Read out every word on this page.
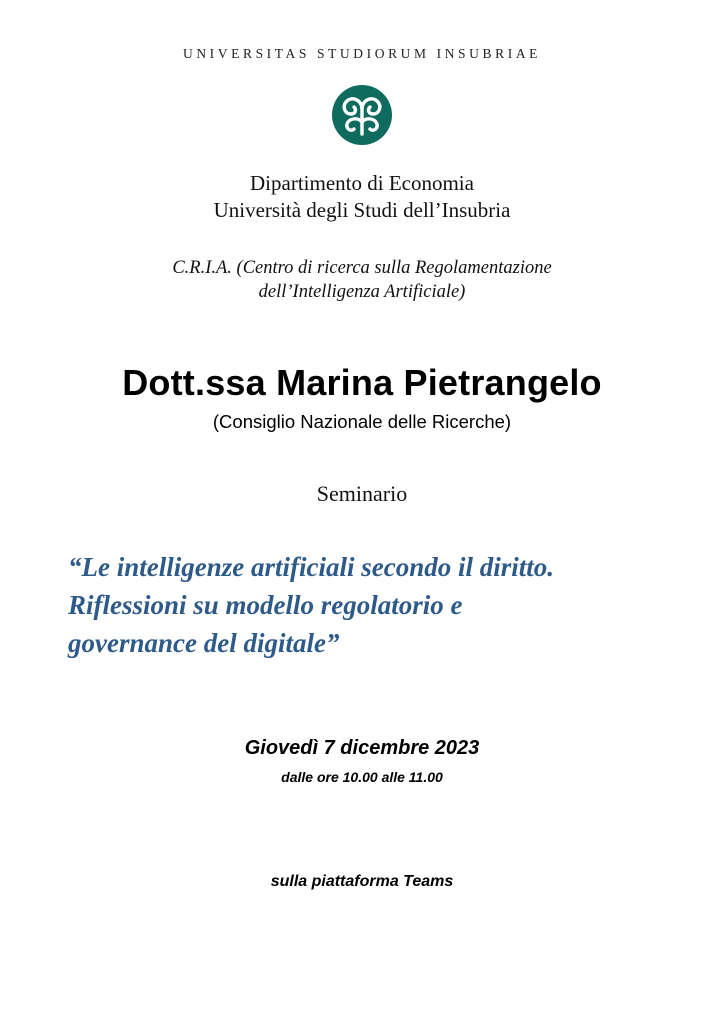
UNIVERSITAS STUDIORUM INSUBRIAE

Dipartimento di Economia
Università degli Studi dell’Insubria
C.R.I.A. (Centro di ricerca sulla Regolamentazione
dell’Intelligenza Artificiale)

Dott.ssa Marina Pietrangelo

(Consiglio Nazionale delle Ricerche)

Seminario

“Le intelligenze artificiali secondo il diritto.
Riflessioni su modello regolatorio e
governance del digitale”

Giovedì 7 dicembre 2023

dalle ore 10.00 alle 11.00

sulla piattaforma Teams
